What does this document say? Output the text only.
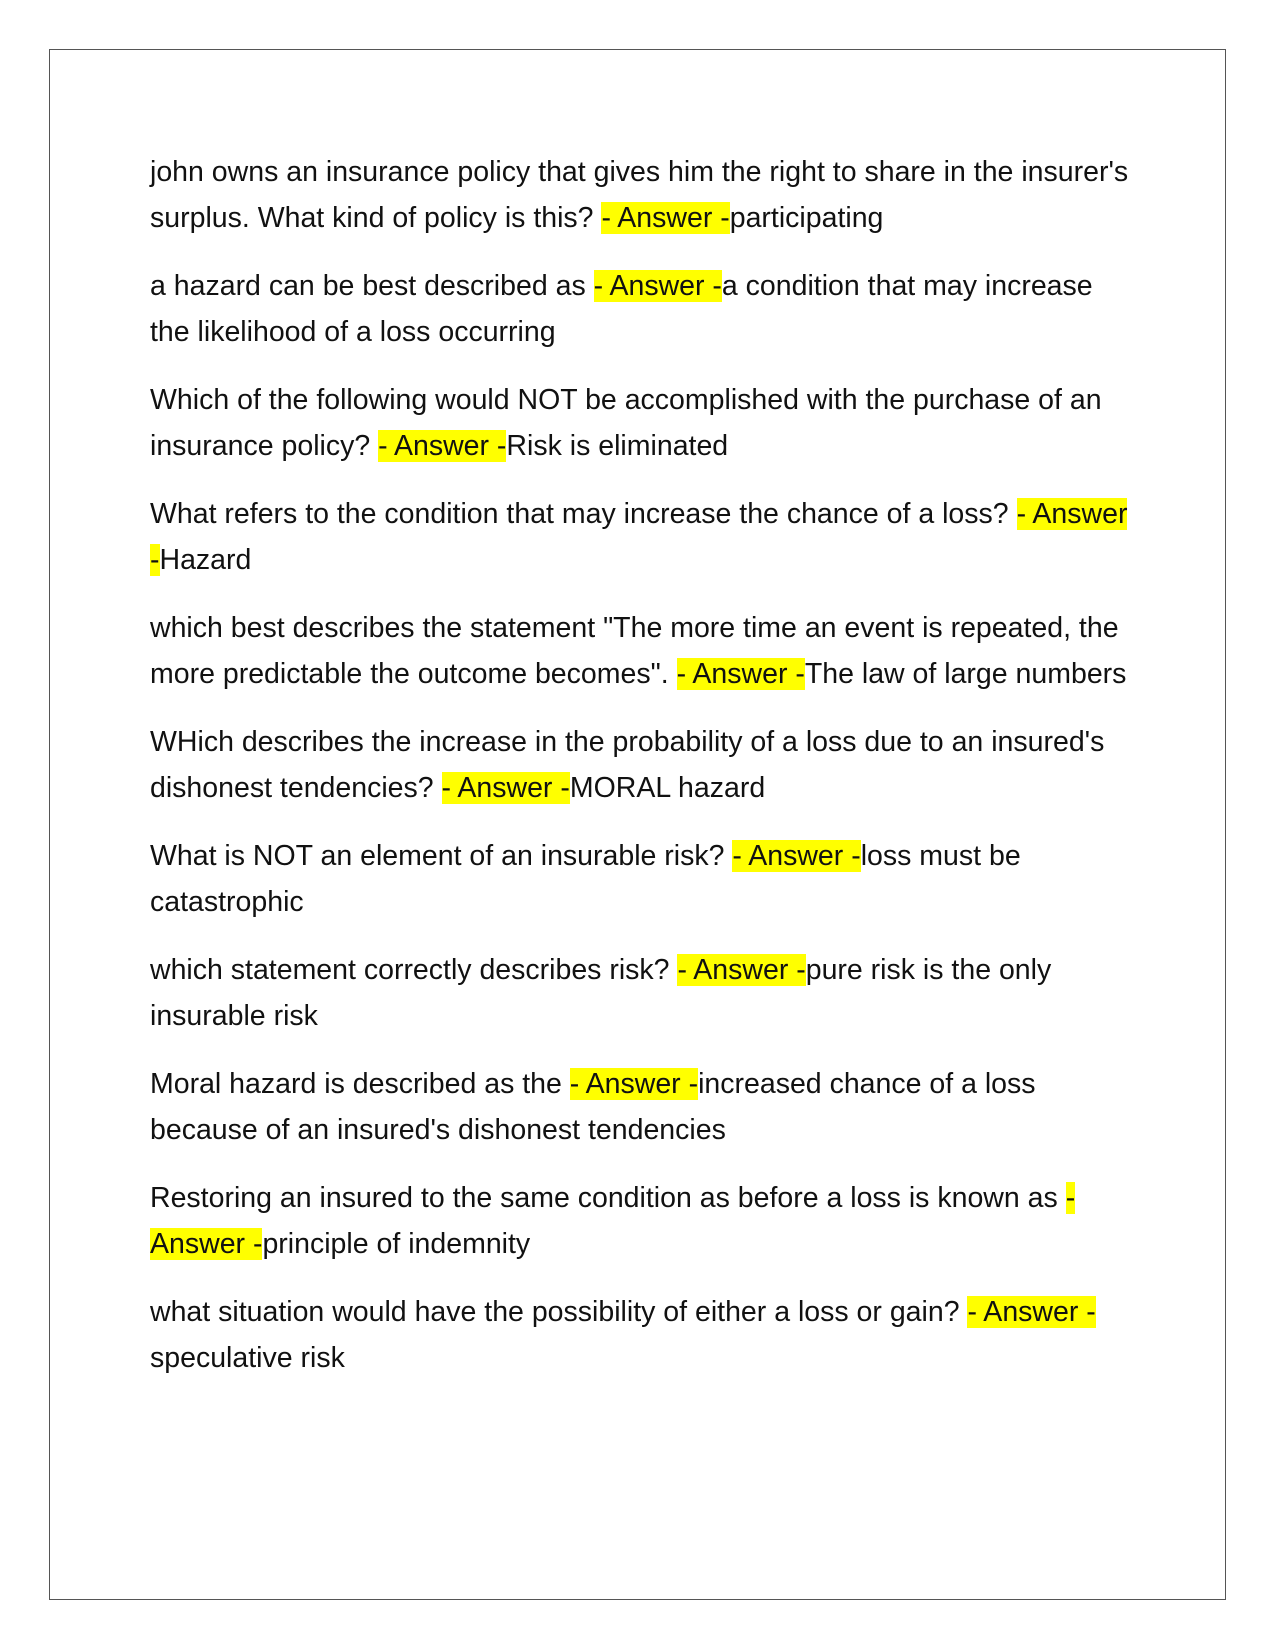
john owns an insurance policy that gives him the right to share in the insurer's surplus. What kind of policy is this? - Answer -participating

a hazard can be best described as - Answer -a condition that may increase the likelihood of a loss occurring

Which of the following would NOT be accomplished with the purchase of an insurance policy? - Answer -Risk is eliminated

What refers to the condition that may increase the chance of a loss? - Answer -Hazard

which best describes the statement "The more time an event is repeated, the more predictable the outcome becomes". - Answer -The law of large numbers

WHich describes the increase in the probability of a loss due to an insured's dishonest tendencies? - Answer -MORAL hazard

What is NOT an element of an insurable risk? - Answer -loss must be catastrophic

which statement correctly describes risk? - Answer -pure risk is the only insurable risk

Moral hazard is described as the - Answer -increased chance of a loss because of an insured's dishonest tendencies

Restoring an insured to the same condition as before a loss is known as - Answer -principle of indemnity

what situation would have the possibility of either a loss or gain? - Answer -speculative risk
